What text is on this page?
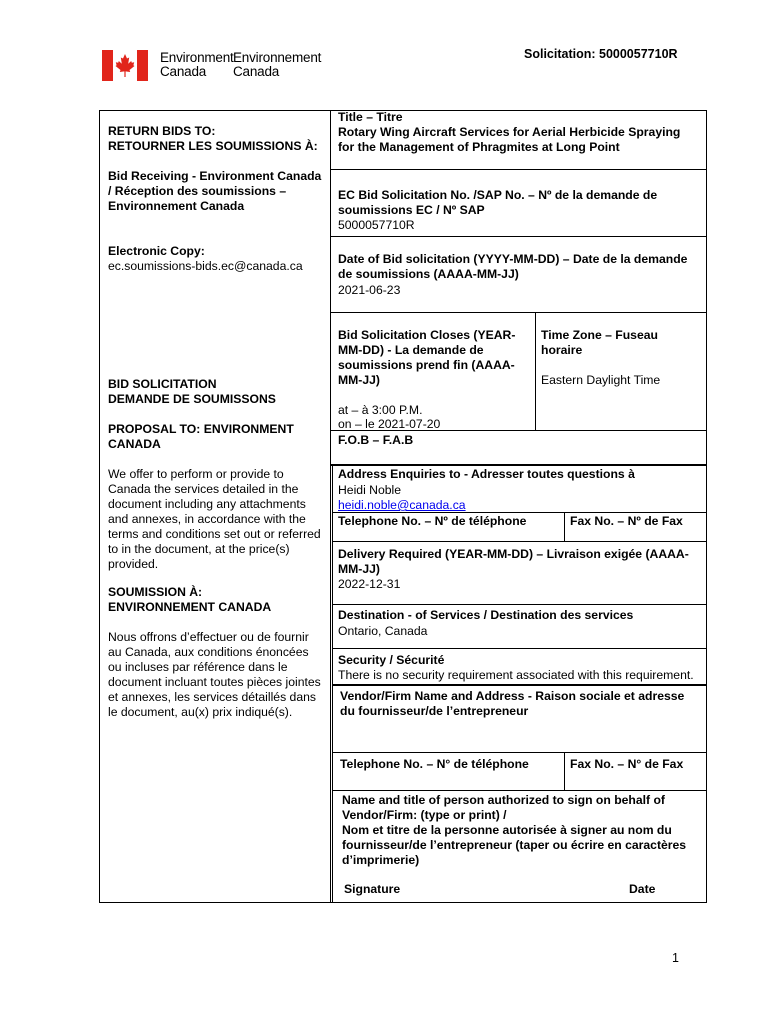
Environment
Canada
Environnement
Canada
Solicitation: 5000057710R
RETURN BIDS TO:
RETOURNER LES SOUMISSIONS À:
Bid Receiving - Environment Canada
/ Réception des soumissions –
Environnement Canada
Electronic Copy:
ec.soumissions-bids.ec@canada.ca
BID SOLICITATION
DEMANDE DE SOUMISSONS
PROPOSAL TO: ENVIRONMENT
CANADA
We offer to perform or provide to
Canada the services detailed in the
document including any attachments
and annexes, in accordance with the
terms and conditions set out or referred
to in the document, at the price(s)
provided.
SOUMISSION À:
ENVIRONNEMENT CANADA
Nous offrons d’effectuer ou de fournir
au Canada, aux conditions énoncées
ou incluses par référence dans le
document incluant toutes pièces jointes
et annexes, les services détaillés dans
le document, au(x) prix indiqué(s).
Title – Titre
Rotary Wing Aircraft Services for Aerial Herbicide Spraying
for the Management of Phragmites at Long Point
EC Bid Solicitation No. /SAP No. – Nº de la demande de
soumissions EC / Nº SAP
5000057710R
Date of Bid solicitation (YYYY-MM-DD) – Date de la demande
de soumissions (AAAA-MM-JJ)
2021-06-23
Bid Solicitation Closes (YEAR-
MM-DD) - La demande de
soumissions prend fin (AAAA-
MM-JJ)
at – à 3:00 P.M.
on – le 2021-07-20
Time Zone – Fuseau
horaire
Eastern Daylight Time
F.O.B – F.A.B
Address Enquiries to - Adresser toutes questions à
Heidi Noble
heidi.noble@canada.ca
Telephone No. – Nº de téléphone	Fax No. – Nº de Fax
Delivery Required (YEAR-MM-DD) – Livraison exigée (AAAA-
MM-JJ)
2022-12-31
Destination - of Services / Destination des services
Ontario, Canada
Security / Sécurité
There is no security requirement associated with this requirement.
Vendor/Firm Name and Address - Raison sociale et adresse
du fournisseur/de l’entrepreneur
Telephone No. – N° de téléphone	Fax No. – N° de Fax
Name and title of person authorized to sign on behalf of
Vendor/Firm: (type or print) /
Nom et titre de la personne autorisée à signer au nom du
fournisseur/de l’entrepreneur (taper ou écrire en caractères
d’imprimerie)
Signature	Date
1
